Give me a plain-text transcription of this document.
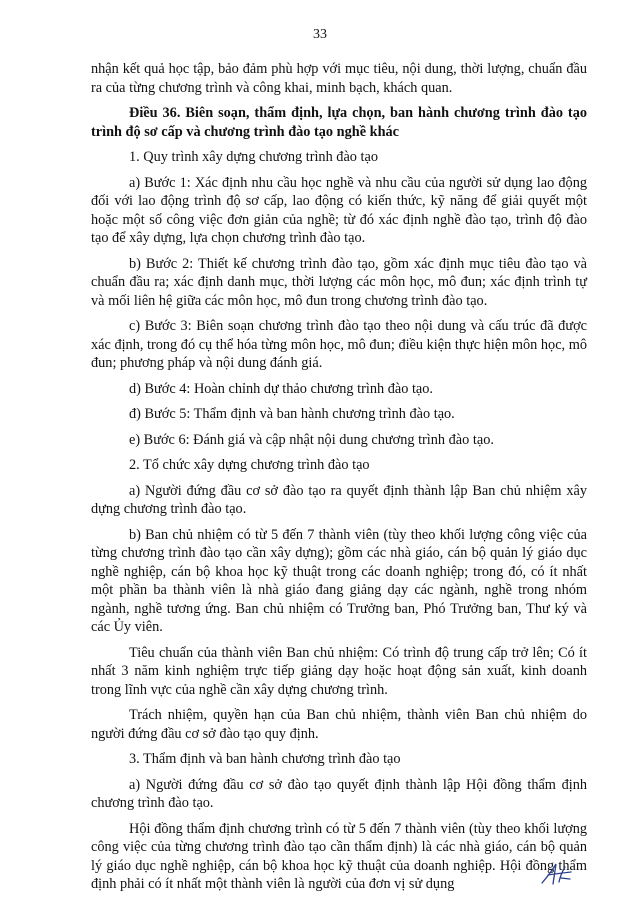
33

nhận kết quả học tập, bảo đảm phù hợp với mục tiêu, nội dung, thời lượng, chuẩn đầu ra của từng chương trình và công khai, minh bạch, khách quan.

Điều 36. Biên soạn, thẩm định, lựa chọn, ban hành chương trình đào tạo trình độ sơ cấp và chương trình đào tạo nghề khác

1. Quy trình xây dựng chương trình đào tạo

a) Bước 1: Xác định nhu cầu học nghề và nhu cầu của người sử dụng lao động đối với lao động trình độ sơ cấp, lao động có kiến thức, kỹ năng để giải quyết một hoặc một số công việc đơn giản của nghề; từ đó xác định nghề đào tạo, trình độ đào tạo để xây dựng, lựa chọn chương trình đào tạo.

b) Bước 2: Thiết kế chương trình đào tạo, gồm xác định mục tiêu đào tạo và chuẩn đầu ra; xác định danh mục, thời lượng các môn học, mô đun; xác định trình tự và mối liên hệ giữa các môn học, mô đun trong chương trình đào tạo.

c) Bước 3: Biên soạn chương trình đào tạo theo nội dung và cấu trúc đã được xác định, trong đó cụ thể hóa từng môn học, mô đun; điều kiện thực hiện môn học, mô đun; phương pháp và nội dung đánh giá.

d) Bước 4: Hoàn chỉnh dự thảo chương trình đào tạo.

đ) Bước 5: Thẩm định và ban hành chương trình đào tạo.

e) Bước 6: Đánh giá và cập nhật nội dung chương trình đào tạo.

2. Tổ chức xây dựng chương trình đào tạo

a) Người đứng đầu cơ sở đào tạo ra quyết định thành lập Ban chủ nhiệm xây dựng chương trình đào tạo.

b) Ban chủ nhiệm có từ 5 đến 7 thành viên (tùy theo khối lượng công việc của từng chương trình đào tạo cần xây dựng); gồm các nhà giáo, cán bộ quản lý giáo dục nghề nghiệp, cán bộ khoa học kỹ thuật trong các doanh nghiệp; trong đó, có ít nhất một phần ba thành viên là nhà giáo đang giảng dạy các ngành, nghề trong nhóm ngành, nghề tương ứng. Ban chủ nhiệm có Trưởng ban, Phó Trưởng ban, Thư ký và các Ủy viên.

Tiêu chuẩn của thành viên Ban chủ nhiệm: Có trình độ trung cấp trở lên; Có ít nhất 3 năm kinh nghiệm trực tiếp giảng dạy hoặc hoạt động sản xuất, kinh doanh trong lĩnh vực của nghề cần xây dựng chương trình.

Trách nhiệm, quyền hạn của Ban chủ nhiệm, thành viên Ban chủ nhiệm do người đứng đầu cơ sở đào tạo quy định.

3. Thẩm định và ban hành chương trình đào tạo

a) Người đứng đầu cơ sở đào tạo quyết định thành lập Hội đồng thẩm định chương trình đào tạo.

Hội đồng thẩm định chương trình có từ 5 đến 7 thành viên (tùy theo khối lượng công việc của từng chương trình đào tạo cần thẩm định) là các nhà giáo, cán bộ quản lý giáo dục nghề nghiệp, cán bộ khoa học kỹ thuật của doanh nghiệp. Hội đồng thẩm định phải có ít nhất một thành viên là người của đơn vị sử dụng
